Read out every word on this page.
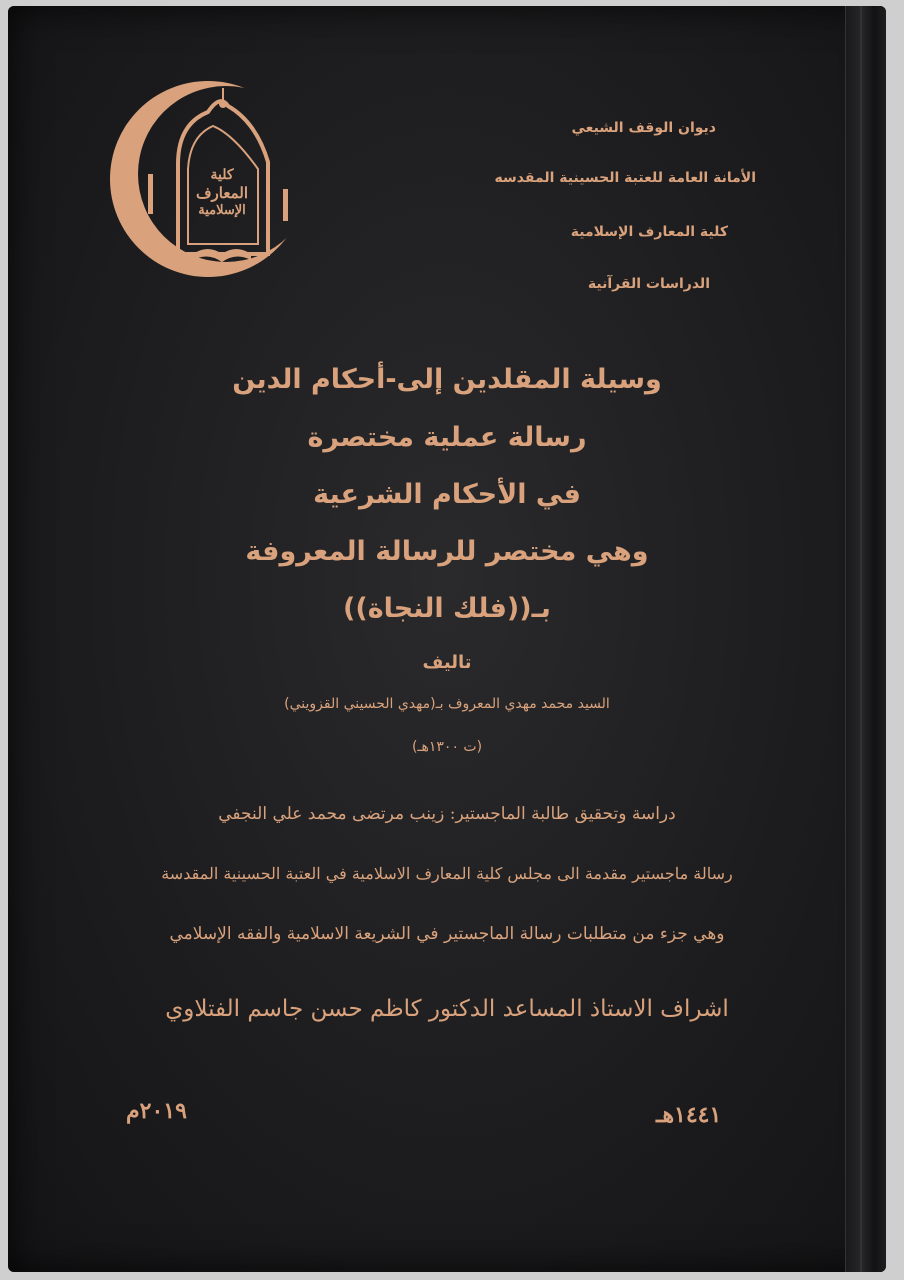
كلية
المعارف
الإسلامية
ديوان الوقف الشيعي
الأمانة العامة للعتبة الحسينية المقدسه
كلية المعارف الإسلامية
الدراسات القرآنية
وسيلة المقلدين إلى-أحكام الدين
رسالة عملية مختصرة
في الأحكام الشرعية
وهي مختصر للرسالة المعروفة
بـ((فلك النجاة))
تاليف
السيد محمد مهدي المعروف بـ(مهدي الحسيني القزويني)
(ت ١٣٠٠هـ)
دراسة وتحقيق طالبة الماجستير: زينب مرتضى محمد علي النجفي
رسالة ماجستير مقدمة الى مجلس كلية المعارف الاسلامية في العتبة الحسينية المقدسة
وهي جزء من متطلبات رسالة الماجستير في الشريعة الاسلامية والفقه الإسلامي
اشراف الاستاذ المساعد الدكتور كاظم حسن جاسم الفتلاوي
١٤٤١هـ
٢٠١٩م
